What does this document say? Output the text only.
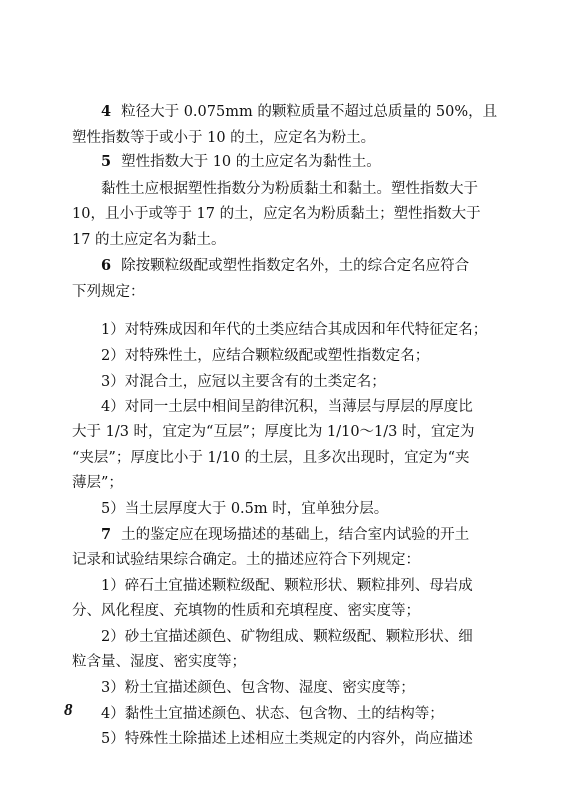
4 粒径大于 0.075mm 的颗粒质量不超过总质量的 50%，且
塑性指数等于或小于 10 的土，应定名为粉土。
5 塑性指数大于 10 的土应定名为黏性土。
黏性土应根据塑性指数分为粉质黏土和黏土。塑性指数大于
10，且小于或等于 17 的土，应定名为粉质黏土；塑性指数大于
17 的土应定名为黏土。
6 除按颗粒级配或塑性指数定名外，土的综合定名应符合
下列规定：
1）对特殊成因和年代的土类应结合其成因和年代特征定名；
2）对特殊性土，应结合颗粒级配或塑性指数定名；
3）对混合土，应冠以主要含有的土类定名；
4）对同一土层中相间呈韵律沉积，当薄层与厚层的厚度比
大于 1/3 时，宜定为“互层”；厚度比为 1/10～1/3 时，宜定为
“夹层”；厚度比小于 1/10 的土层，且多次出现时，宜定为“夹
薄层”；
5）当土层厚度大于 0.5m 时，宜单独分层。
7 土的鉴定应在现场描述的基础上，结合室内试验的开土
记录和试验结果综合确定。土的描述应符合下列规定：
1）碎石土宜描述颗粒级配、颗粒形状、颗粒排列、母岩成
分、风化程度、充填物的性质和充填程度、密实度等；
2）砂土宜描述颜色、矿物组成、颗粒级配、颗粒形状、细
粒含量、湿度、密实度等；
3）粉土宜描述颜色、包含物、湿度、密实度等；
4）黏性土宜描述颜色、状态、包含物、土的结构等；
5）特殊性土除描述上述相应土类规定的内容外，尚应描述
8
